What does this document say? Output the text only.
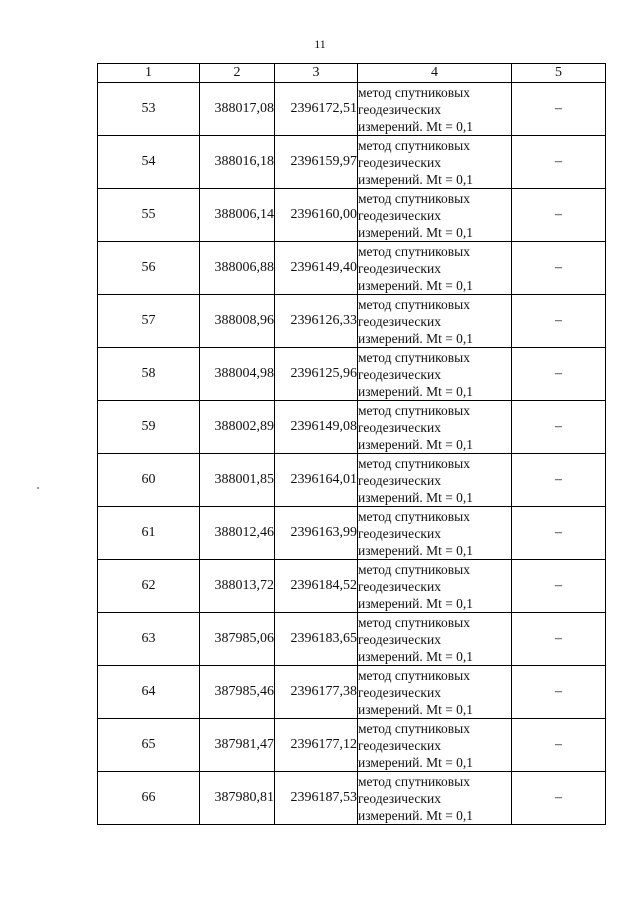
11
1	2	3	4	5
53	388017,08	2396172,51	метод спутниковых
геодезических
измерений. Mt = 0,1	–
54	388016,18	2396159,97	метод спутниковых
геодезических
измерений. Mt = 0,1	–
55	388006,14	2396160,00	метод спутниковых
геодезических
измерений. Mt = 0,1	–
56	388006,88	2396149,40	метод спутниковых
геодезических
измерений. Mt = 0,1	–
57	388008,96	2396126,33	метод спутниковых
геодезических
измерений. Mt = 0,1	–
58	388004,98	2396125,96	метод спутниковых
геодезических
измерений. Mt = 0,1	–
59	388002,89	2396149,08	метод спутниковых
геодезических
измерений. Mt = 0,1	–
60	388001,85	2396164,01	метод спутниковых
геодезических
измерений. Mt = 0,1	–
61	388012,46	2396163,99	метод спутниковых
геодезических
измерений. Mt = 0,1	–
62	388013,72	2396184,52	метод спутниковых
геодезических
измерений. Mt = 0,1	–
63	387985,06	2396183,65	метод спутниковых
геодезических
измерений. Mt = 0,1	–
64	387985,46	2396177,38	метод спутниковых
геодезических
измерений. Mt = 0,1	–
65	387981,47	2396177,12	метод спутниковых
геодезических
измерений. Mt = 0,1	–
66	387980,81	2396187,53	метод спутниковых
геодезических
измерений. Mt = 0,1	–
